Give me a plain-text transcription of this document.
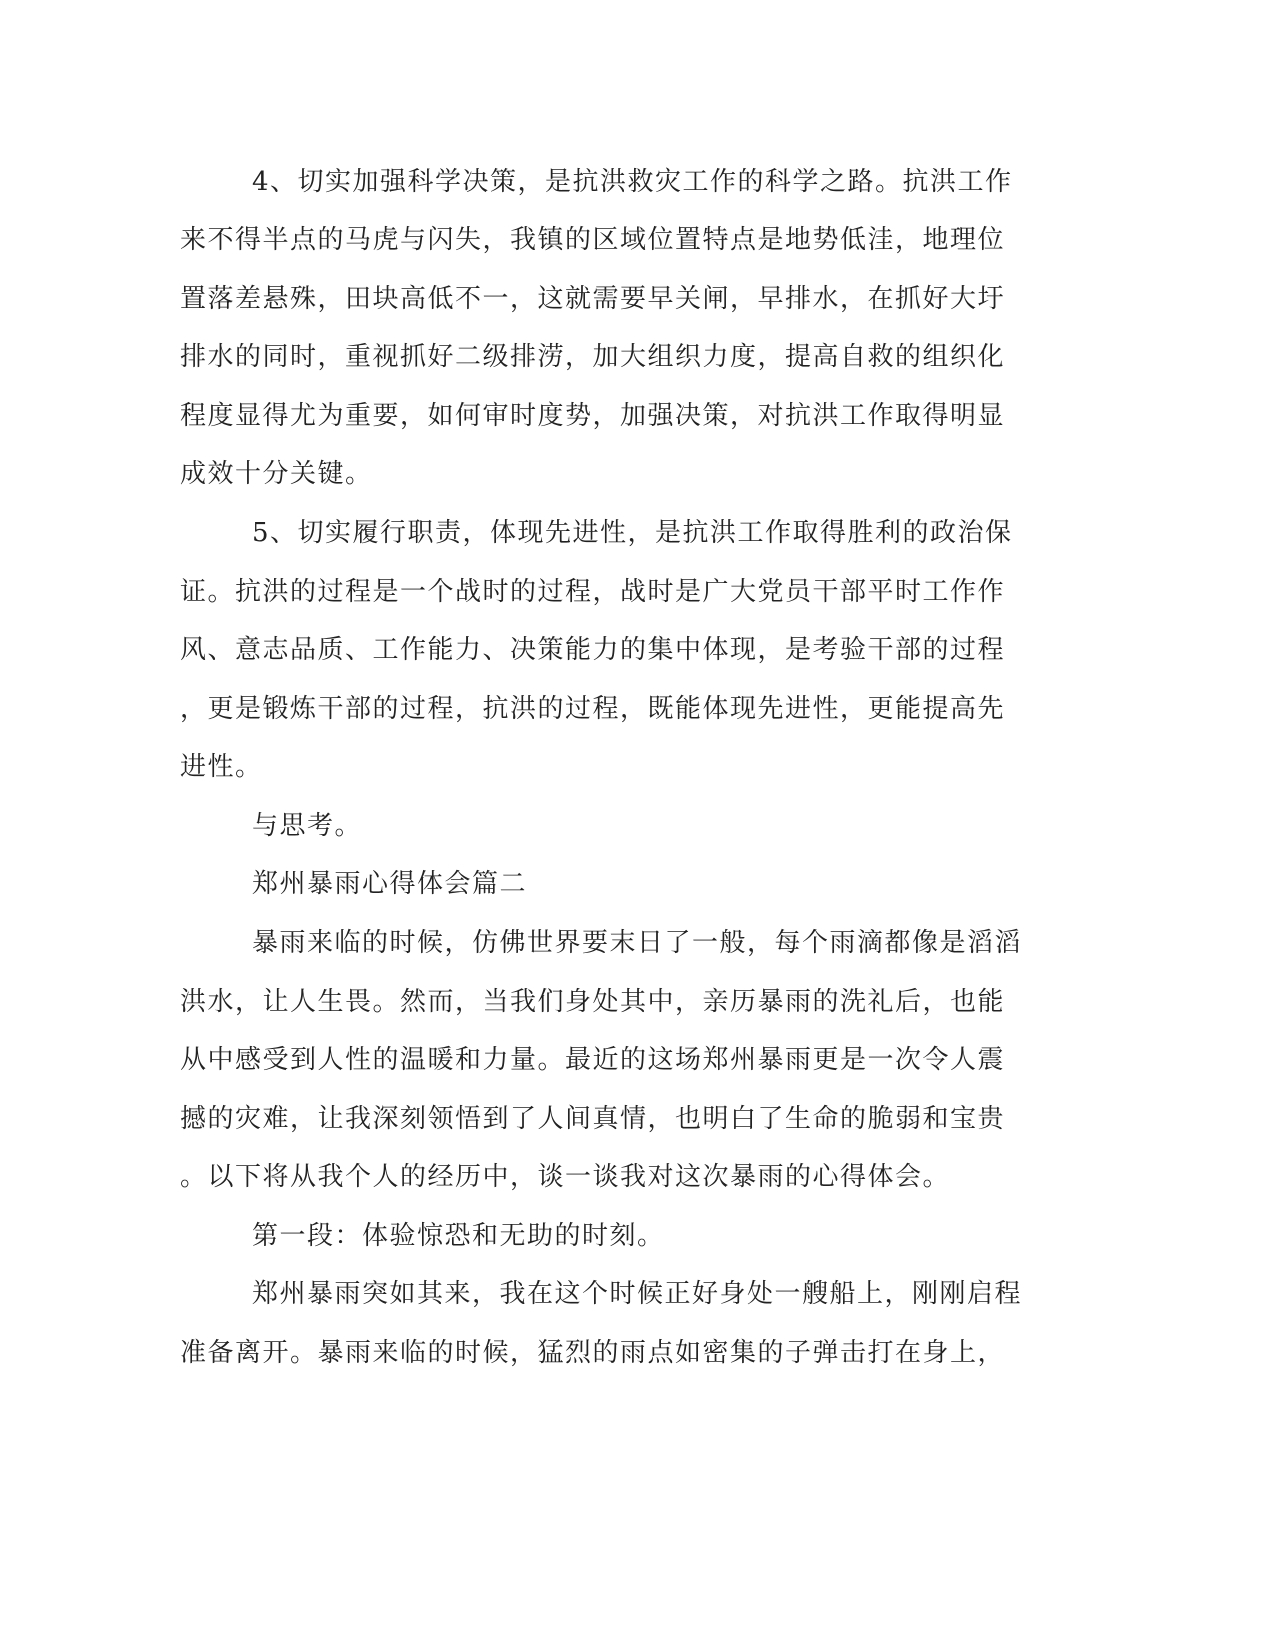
4、切实加强科学决策，是抗洪救灾工作的科学之路。抗洪工作
来不得半点的马虎与闪失，我镇的区域位置特点是地势低洼，地理位
置落差悬殊，田块高低不一，这就需要早关闸，早排水，在抓好大圩
排水的同时，重视抓好二级排涝，加大组织力度，提高自救的组织化
程度显得尤为重要，如何审时度势，加强决策，对抗洪工作取得明显
成效十分关键。
5、切实履行职责，体现先进性，是抗洪工作取得胜利的政治保
证。抗洪的过程是一个战时的过程，战时是广大党员干部平时工作作
风、意志品质、工作能力、决策能力的集中体现，是考验干部的过程
，更是锻炼干部的过程，抗洪的过程，既能体现先进性，更能提高先
进性。
与思考。
郑州暴雨心得体会篇二
暴雨来临的时候，仿佛世界要末日了一般，每个雨滴都像是滔滔
洪水，让人生畏。然而，当我们身处其中，亲历暴雨的洗礼后，也能
从中感受到人性的温暖和力量。最近的这场郑州暴雨更是一次令人震
撼的灾难，让我深刻领悟到了人间真情，也明白了生命的脆弱和宝贵
。以下将从我个人的经历中，谈一谈我对这次暴雨的心得体会。
第一段：体验惊恐和无助的时刻。
郑州暴雨突如其来，我在这个时候正好身处一艘船上，刚刚启程
准备离开。暴雨来临的时候，猛烈的雨点如密集的子弹击打在身上，
